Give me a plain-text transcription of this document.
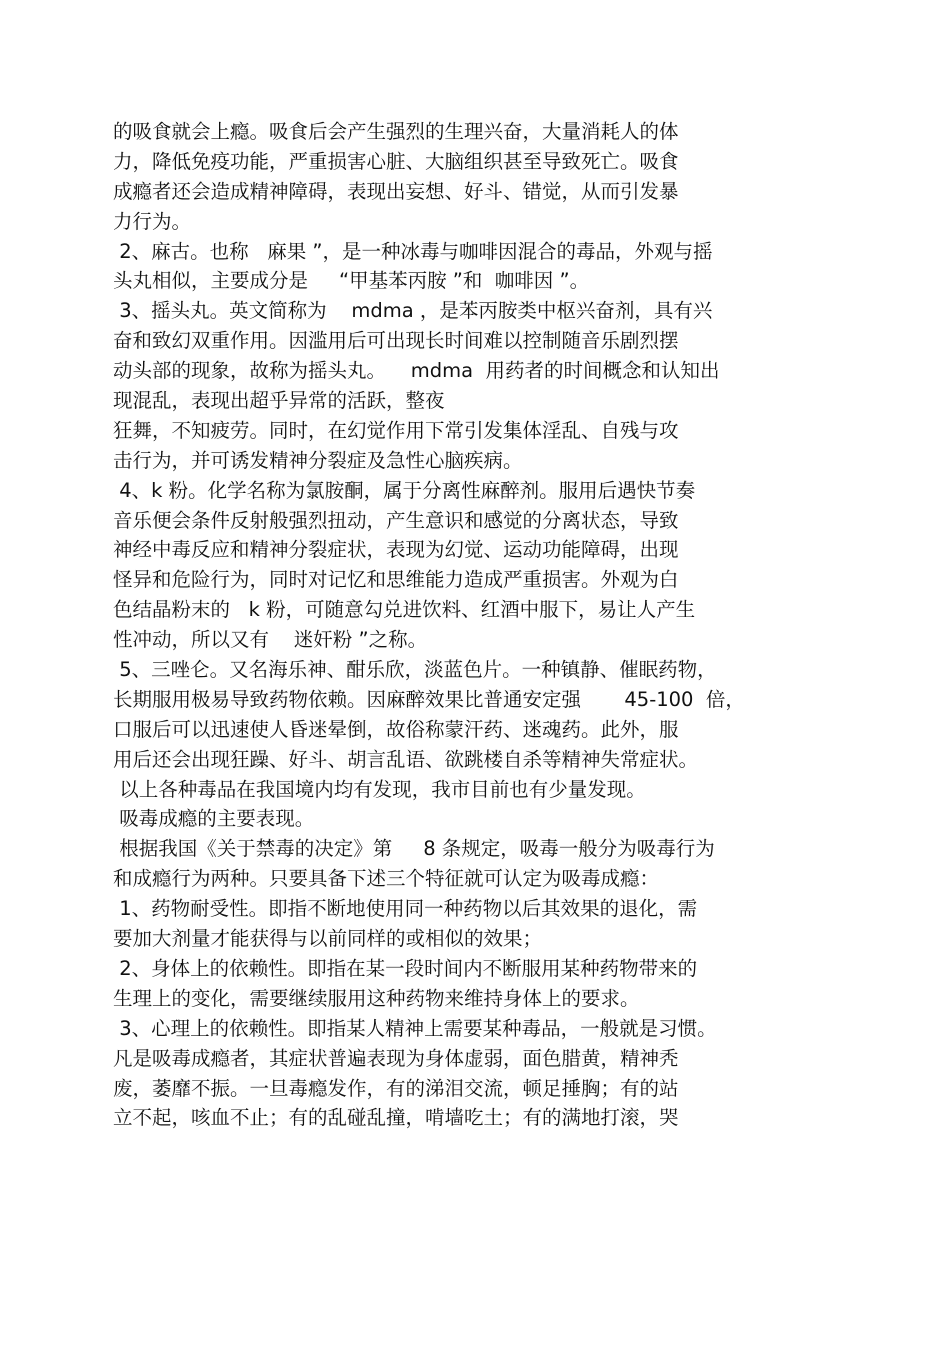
的吸食就会上瘾。吸食后会产生强烈的生理兴奋，大量消耗人的体
力，降低免疫功能，严重损害心脏、大脑组织甚至导致死亡。吸食
成瘾者还会造成精神障碍，表现出妄想、好斗、错觉，从而引发暴
力行为。
2、麻古。也称   麻果 ”，是一种冰毒与咖啡因混合的毒品，外观与摇
头丸相似，主要成分是     “甲基苯丙胺 ”和  咖啡因 ”。
3、摇头丸。英文简称为    mdma ，是苯丙胺类中枢兴奋剂，具有兴
奋和致幻双重作用。因滥用后可出现长时间难以控制随音乐剧烈摆
动头部的现象，故称为摇头丸。    mdma  用药者的时间概念和认知出
现混乱，表现出超乎异常的活跃，整夜
狂舞，不知疲劳。同时，在幻觉作用下常引发集体淫乱、自残与攻
击行为，并可诱发精神分裂症及急性心脑疾病。
4、k 粉。化学名称为氯胺酮，属于分离性麻醉剂。服用后遇快节奏
音乐便会条件反射般强烈扭动，产生意识和感觉的分离状态，导致
神经中毒反应和精神分裂症状，表现为幻觉、运动功能障碍，出现
怪异和危险行为，同时对记忆和思维能力造成严重损害。外观为白
色结晶粉末的   k 粉，可随意勾兑进饮料、红酒中服下，易让人产生
性冲动，所以又有    迷奸粉 ”之称。
5、三唑仑。又名海乐神、酣乐欣，淡蓝色片。一种镇静、催眠药物，
长期服用极易导致药物依赖。因麻醉效果比普通安定强       45-100  倍，
口服后可以迅速使人昏迷晕倒，故俗称蒙汗药、迷魂药。此外，服
用后还会出现狂躁、好斗、胡言乱语、欲跳楼自杀等精神失常症状。
以上各种毒品在我国境内均有发现，我市目前也有少量发现。
吸毒成瘾的主要表现。
根据我国《关于禁毒的决定》第     8 条规定，吸毒一般分为吸毒行为
和成瘾行为两种。只要具备下述三个特征就可认定为吸毒成瘾：
1、药物耐受性。即指不断地使用同一种药物以后其效果的退化，需
要加大剂量才能获得与以前同样的或相似的效果；
2、身体上的依赖性。即指在某一段时间内不断服用某种药物带来的
生理上的变化，需要继续服用这种药物来维持身体上的要求。
3、心理上的依赖性。即指某人精神上需要某种毒品，一般就是习惯。
凡是吸毒成瘾者，其症状普遍表现为身体虚弱，面色腊黄，精神秃
废，萎靡不振。一旦毒瘾发作，有的涕泪交流，顿足捶胸；有的站
立不起，咳血不止；有的乱碰乱撞，啃墙吃土；有的满地打滚，哭
